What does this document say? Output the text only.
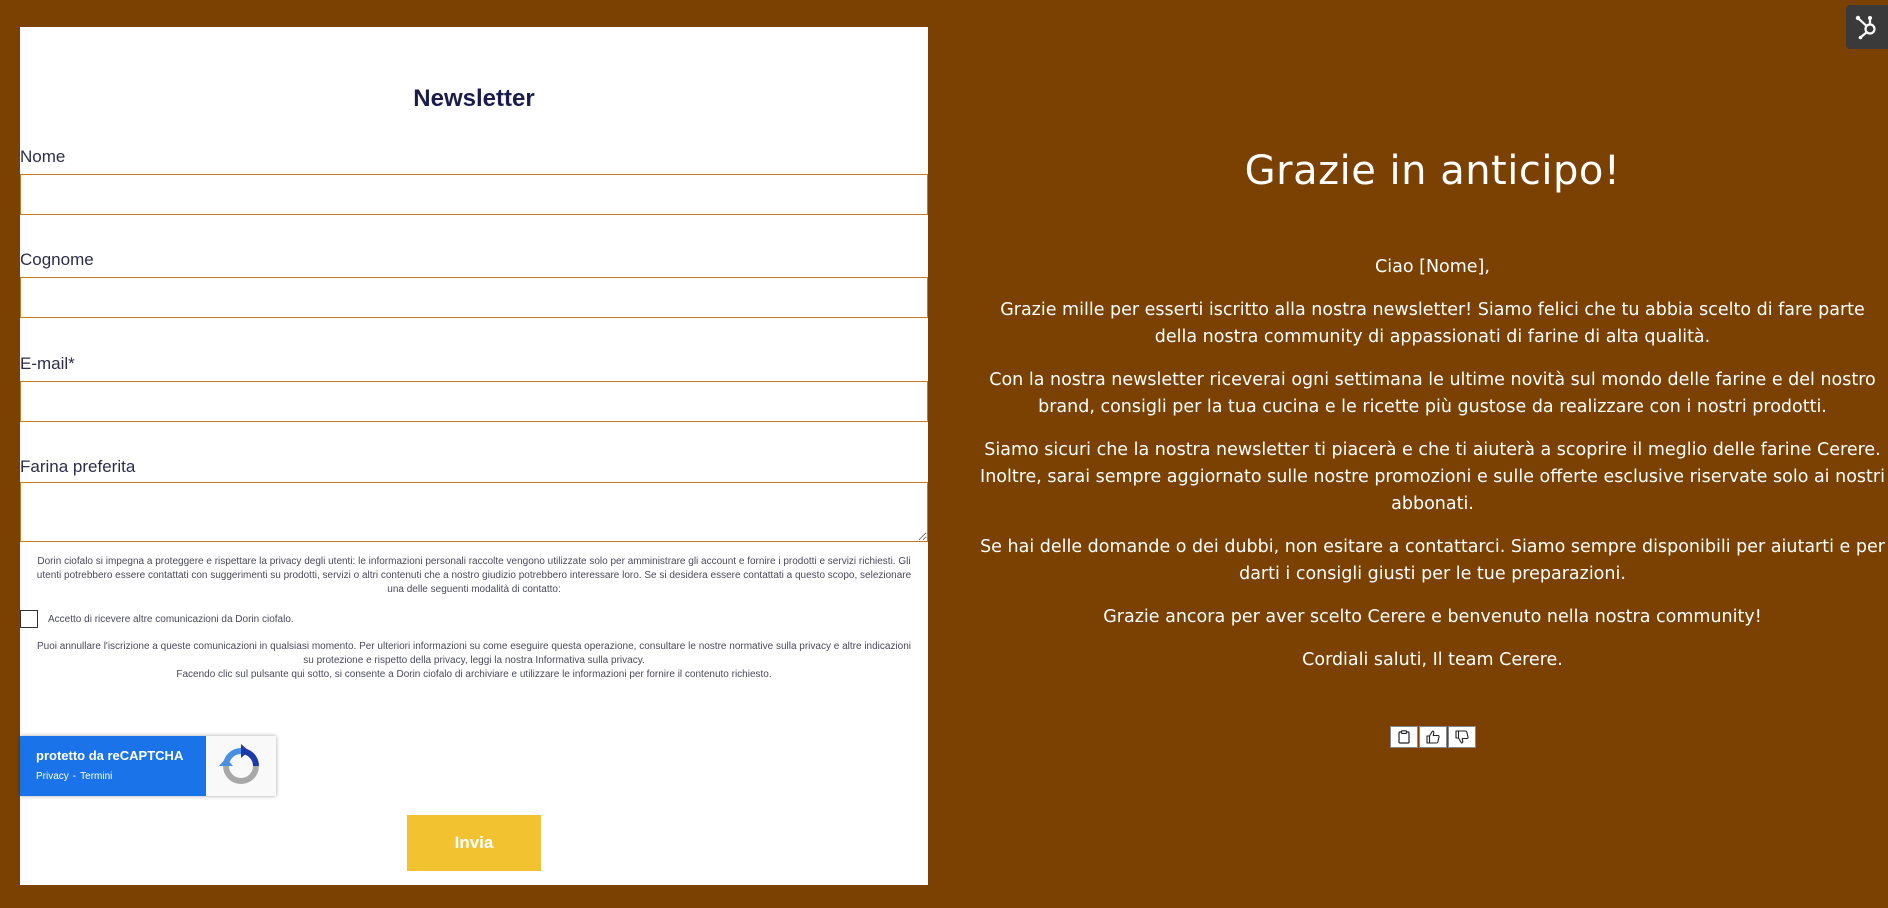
Newsletter
Nome
Cognome
E-mail*
Farina preferita

Dorin ciofalo si impegna a proteggere e rispettare la privacy degli utenti: le informazioni personali raccolte vengono utilizzate solo per amministrare gli account e fornire i prodotti e servizi richiesti. Gli utenti potrebbero essere contattati con suggerimenti su prodotti, servizi o altri contenuti che a nostro giudizio potrebbero interessare loro. Se si desidera essere contattati a questo scopo, selezionare una delle seguenti modalità di contatto:

Accetto di ricevere altre comunicazioni da Dorin ciofalo.

Puoi annullare l'iscrizione a queste comunicazioni in qualsiasi momento. Per ulteriori informazioni su come eseguire questa operazione, consultare le nostre normative sulla privacy e altre indicazioni su protezione e rispetto della privacy, leggi la nostra Informativa sulla privacy.

Facendo clic sul pulsante qui sotto, si consente a Dorin ciofalo di archiviare e utilizzare le informazioni per fornire il contenuto richiesto.

protetto da reCAPTCHA
Privacy - Termini
Invia
Grazie in anticipo!

Ciao [Nome],

Grazie mille per esserti iscritto alla nostra newsletter! Siamo felici che tu abbia scelto di fare parte della nostra community di appassionati di farine di alta qualità.

Con la nostra newsletter riceverai ogni settimana le ultime novità sul mondo delle farine e del nostro brand, consigli per la tua cucina e le ricette più gustose da realizzare con i nostri prodotti.

Siamo sicuri che la nostra newsletter ti piacerà e che ti aiuterà a scoprire il meglio delle farine Cerere. Inoltre, sarai sempre aggiornato sulle nostre promozioni e sulle offerte esclusive riservate solo ai nostri abbonati.

Se hai delle domande o dei dubbi, non esitare a contattarci. Siamo sempre disponibili per aiutarti e per darti i consigli giusti per le tue preparazioni.

Grazie ancora per aver scelto Cerere e benvenuto nella nostra community!

Cordiali saluti, Il team Cerere.
